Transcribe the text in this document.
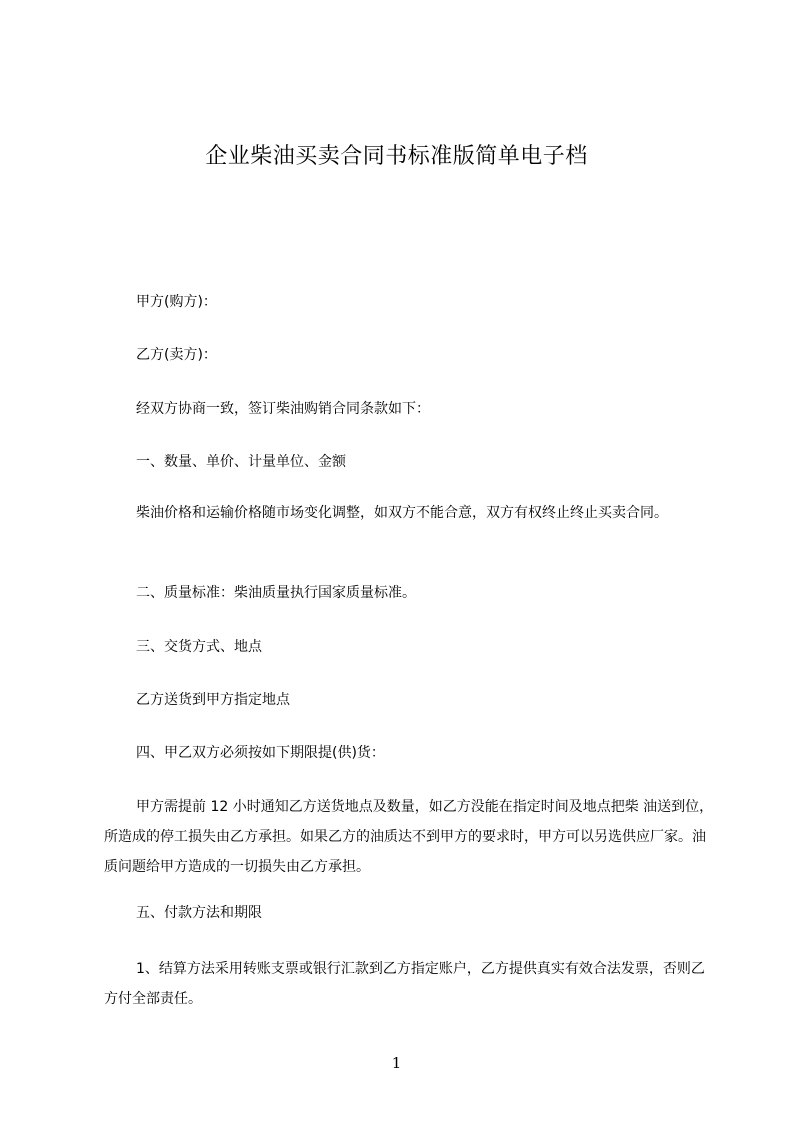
企业柴油买卖合同书标准版简单电子档
甲方(购方)：
乙方(卖方)：
经双方协商一致，签订柴油购销合同条款如下：
一、数量、单价、计量单位、金额
柴油价格和运输价格随市场变化调整，如双方不能合意，双方有权终止终止买卖合同。
二、质量标准：柴油质量执行国家质量标准。
三、交货方式、地点
乙方送货到甲方指定地点
四、甲乙双方必须按如下期限提(供)货：
甲方需提前 12 小时通知乙方送货地点及数量，如乙方没能在指定时间及地点把柴 油送到位，所造成的停工损失由乙方承担。如果乙方的油质达不到甲方的要求时，甲方可以另选供应厂家。油质问题给甲方造成的一切损失由乙方承担。
五、付款方法和期限
1、结算方法采用转账支票或银行汇款到乙方指定账户，乙方提供真实有效合法发票，否则乙方付全部责任。
1
